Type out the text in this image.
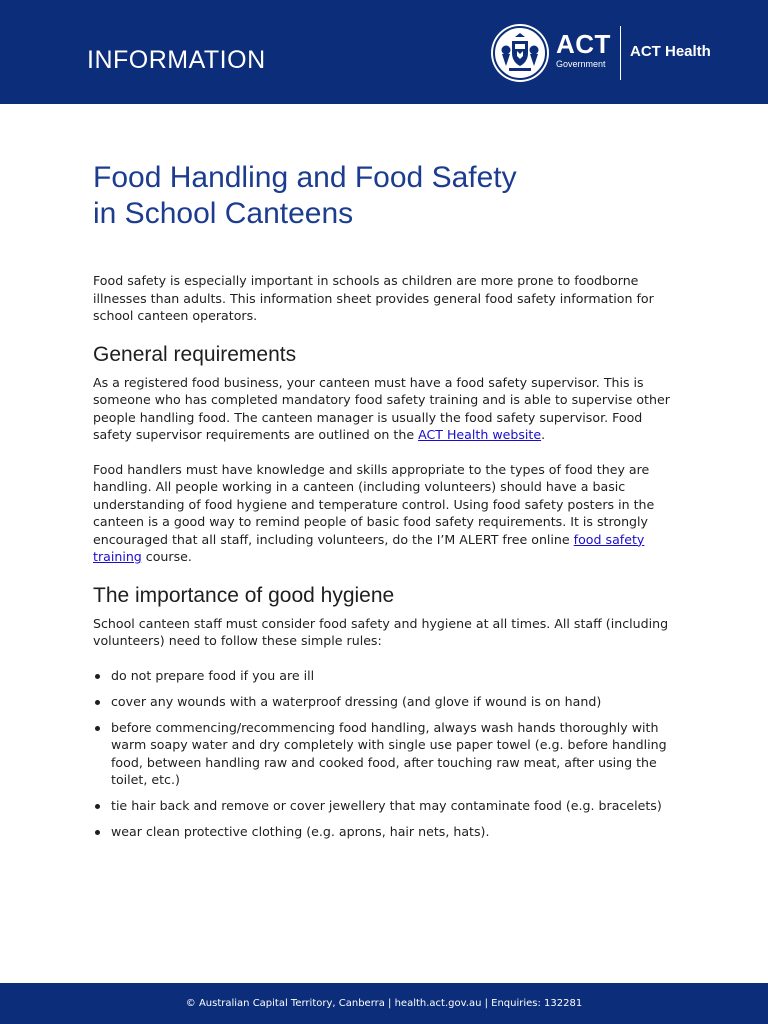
INFORMATION
ACT
Government
ACT Health
Food Handling and Food Safety
in School Canteens

Food safety is especially important in schools as children are more prone to foodborne illnesses than adults. This information sheet provides general food safety information for school canteen operators.

General requirements

As a registered food business, your canteen must have a food safety supervisor. This is someone who has completed mandatory food safety training and is able to supervise other people handling food. The canteen manager is usually the food safety supervisor. Food safety supervisor requirements are outlined on the ACT Health website.

Food handlers must have knowledge and skills appropriate to the types of food they are handling. All people working in a canteen (including volunteers) should have a basic understanding of food hygiene and temperature control. Using food safety posters in the canteen is a good way to remind people of basic food safety requirements. It is strongly encouraged that all staff, including volunteers, do the I’M ALERT free online food safety training course.

The importance of good hygiene

School canteen staff must consider food safety and hygiene at all times. All staff (including volunteers) need to follow these simple rules:

do not prepare food if you are ill
cover any wounds with a waterproof dressing (and glove if wound is on hand)
before commencing/recommencing food handling, always wash hands thoroughly with warm soapy water and dry completely with single use paper towel (e.g. before handling food, between handling raw and cooked food, after touching raw meat, after using the toilet, etc.)
tie hair back and remove or cover jewellery that may contaminate food (e.g. bracelets)
wear clean protective clothing (e.g. aprons, hair nets, hats).
© Australian Capital Territory, Canberra | health.act.gov.au | Enquiries: 132281
